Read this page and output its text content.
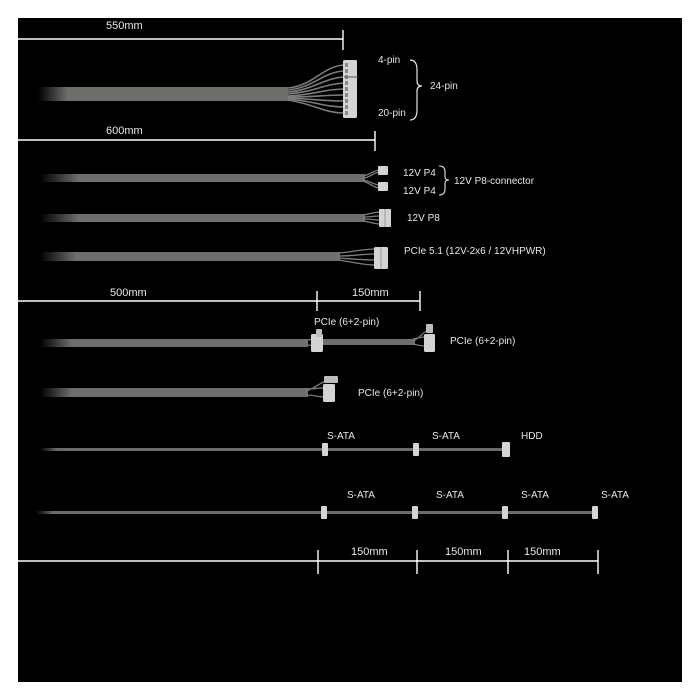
550mm
4-pin
20-pin
24-pin
600mm
12V P4
12V P4
12V P8-connector
12V P8
PCIe 5.1 (12V-2x6 / 12VHPWR)
500mm	150mm
PCIe (6+2-pin)
PCIe (6+2-pin)
PCIe (6+2-pin)
S-ATA	S-ATA	HDD
S-ATA	S-ATA	S-ATA	S-ATA
150mm	150mm	150mm
